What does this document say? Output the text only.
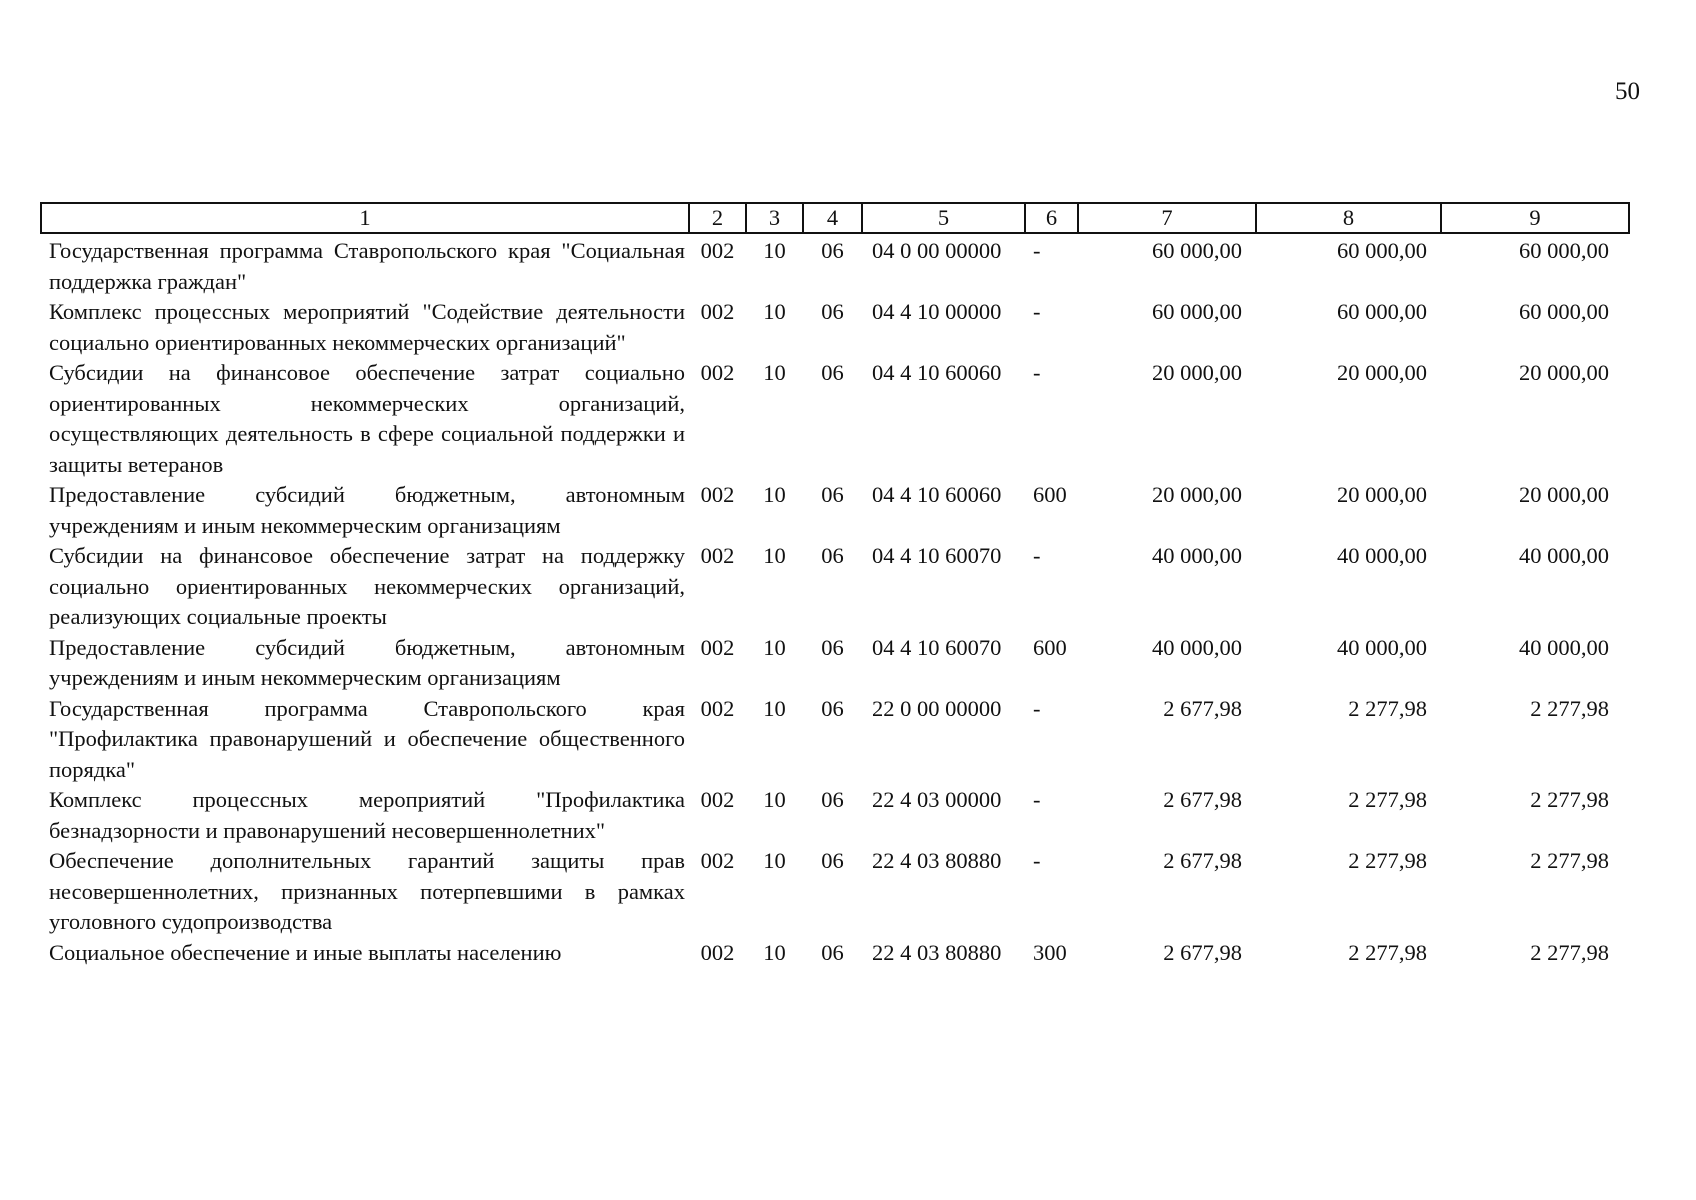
50
1	2	3	4	5	6	7	8	9
Государственная программа Ставропольского края "Социальная поддержка граждан"	002	10	06	04 0 00 00000	-	60 000,00	60 000,00	60 000,00
Комплекс процессных мероприятий "Содействие деятельности социально ориентированных некоммерческих организаций"	002	10	06	04 4 10 00000	-	60 000,00	60 000,00	60 000,00
Субсидии на финансовое обеспечение затрат социально ориентированных некоммерческих организаций, осуществляющих деятельность в сфере социальной поддержки и защиты ветеранов	002	10	06	04 4 10 60060	-	20 000,00	20 000,00	20 000,00
Предоставление субсидий бюджетным, автономным учреждениям и иным некоммерческим организациям	002	10	06	04 4 10 60060	600	20 000,00	20 000,00	20 000,00
Субсидии на финансовое обеспечение затрат на поддержку социально ориентированных некоммерческих организаций, реализующих социальные проекты	002	10	06	04 4 10 60070	-	40 000,00	40 000,00	40 000,00
Предоставление субсидий бюджетным, автономным учреждениям и иным некоммерческим организациям	002	10	06	04 4 10 60070	600	40 000,00	40 000,00	40 000,00
Государственная программа Ставропольского края "Профилактика правонарушений и обеспечение общественного порядка"	002	10	06	22 0 00 00000	-	2 677,98	2 277,98	2 277,98
Комплекс процессных мероприятий "Профилактика безнадзорности и правонарушений несовершеннолетних"	002	10	06	22 4 03 00000	-	2 677,98	2 277,98	2 277,98
Обеспечение дополнительных гарантий защиты прав несовершеннолетних, признанных потерпевшими в рамках уголовного судопроизводства	002	10	06	22 4 03 80880	-	2 677,98	2 277,98	2 277,98
Социальное обеспечение и иные выплаты населению	002	10	06	22 4 03 80880	300	2 677,98	2 277,98	2 277,98
